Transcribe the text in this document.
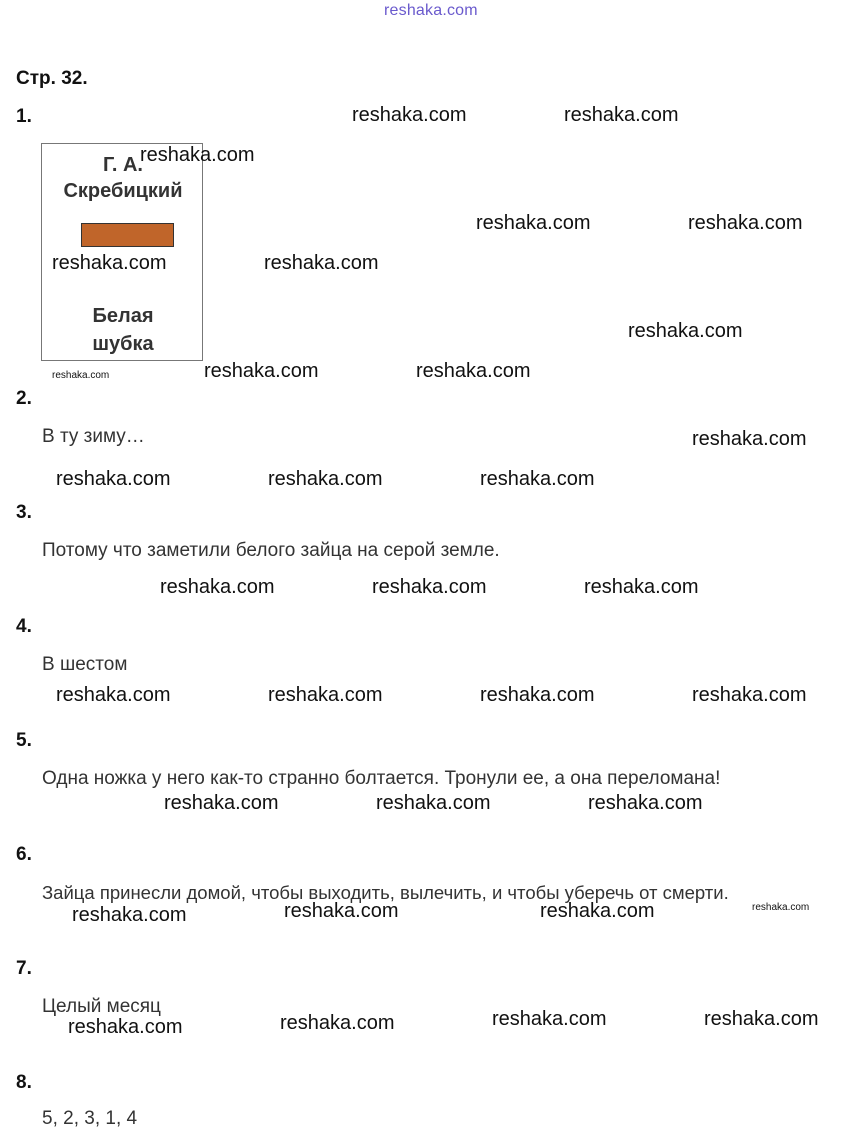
reshaka.com
Стр. 32.
1.
Г. А.
Скребицкий
Белая
шубка
2.
В ту зиму…
3.
Потому что заметили белого зайца на серой земле.
4.
В шестом
5.
Одна ножка у него как-то странно болтается. Тронули ее, а она переломана!
6.
Зайца принесли домой, чтобы выходить, вылечить, и чтобы уберечь от смерти.
7.
Целый месяц
8.
5, 2, 3, 1, 4
reshaka.com	reshaka.com
reshaka.com
reshaka.com	reshaka.com
reshaka.com	reshaka.com
reshaka.com
reshaka.com	reshaka.com	reshaka.com
reshaka.com
reshaka.com	reshaka.com	reshaka.com
reshaka.com	reshaka.com	reshaka.com
reshaka.com	reshaka.com	reshaka.com	reshaka.com
reshaka.com	reshaka.com	reshaka.com
reshaka.com	reshaka.com	reshaka.com	reshaka.com
reshaka.com	reshaka.com	reshaka.com	reshaka.com
